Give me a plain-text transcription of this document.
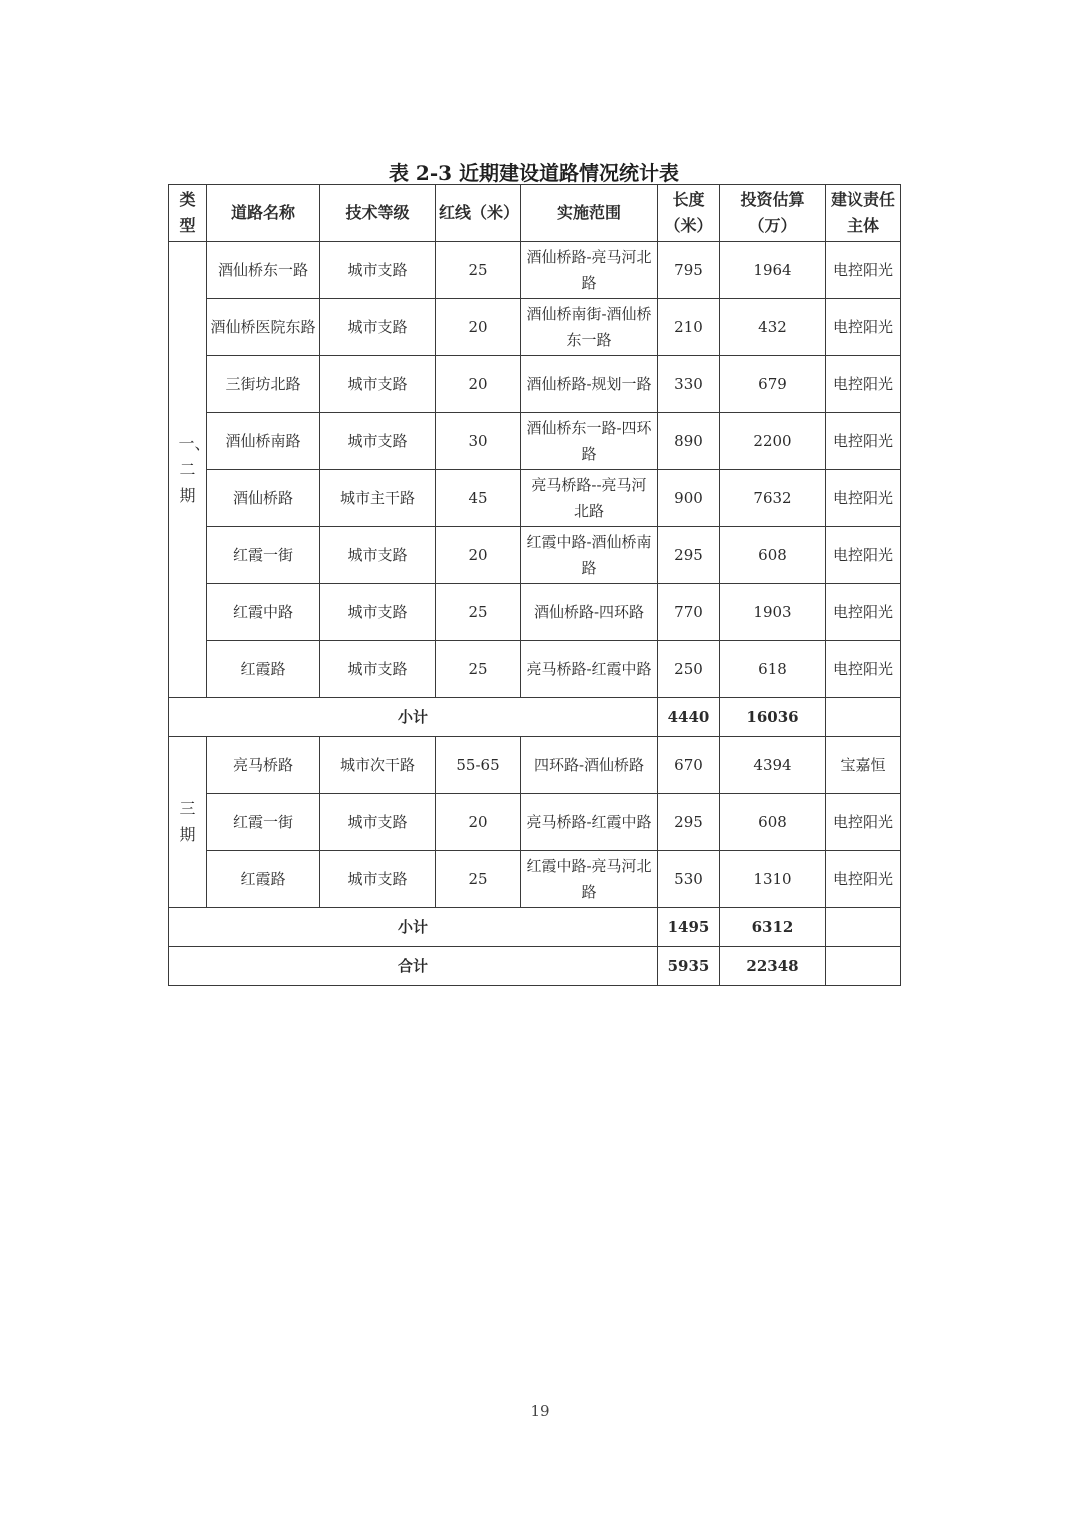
表 2-3 近期建设道路情况统计表
类型	道路名称	技术等级	红线（米）	实施范围	长度（米）	投资估算（万）	建议责任主体
一、二期	酒仙桥东一路	城市支路	25	酒仙桥路-亮马河北路	795	1964	电控阳光
	酒仙桥医院东路	城市支路	20	酒仙桥南街-酒仙桥东一路	210	432	电控阳光
	三街坊北路	城市支路	20	酒仙桥路-规划一路	330	679	电控阳光
	酒仙桥南路	城市支路	30	酒仙桥东一路-四环路	890	2200	电控阳光
	酒仙桥路	城市主干路	45	亮马桥路--亮马河北路	900	7632	电控阳光
	红霞一街	城市支路	20	红霞中路-酒仙桥南路	295	608	电控阳光
	红霞中路	城市支路	25	酒仙桥路-四环路	770	1903	电控阳光
	红霞路	城市支路	25	亮马桥路-红霞中路	250	618	电控阳光
小计					4440	16036	
三期	亮马桥路	城市次干路	55-65	四环路-酒仙桥路	670	4394	宝嘉恒
	红霞一街	城市支路	20	亮马桥路-红霞中路	295	608	电控阳光
	红霞路	城市支路	25	红霞中路-亮马河北路	530	1310	电控阳光
小计					1495	6312	
合计					5935	22348	
19
